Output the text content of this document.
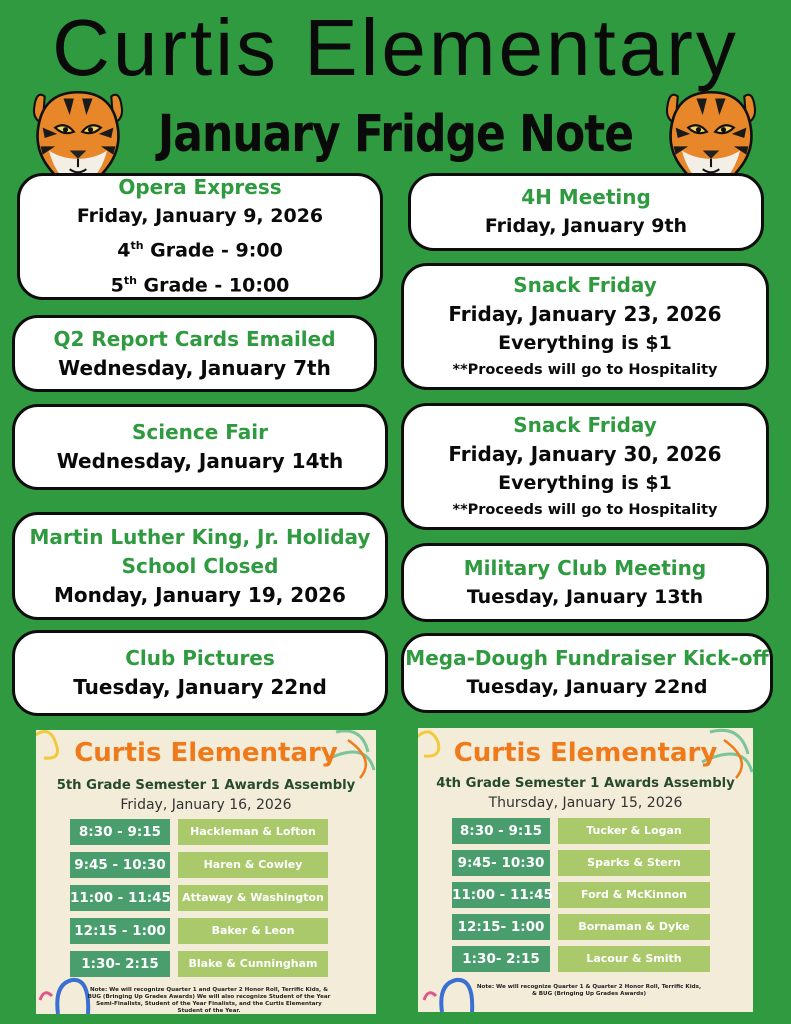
Curtis Elementary
January Fridge Note
Opera Express
Friday, January 9, 2026
4th Grade - 9:00
5th Grade - 10:00
Q2 Report Cards Emailed
Wednesday, January 7th
Science Fair
Wednesday, January 14th
Martin Luther King, Jr. Holiday
School Closed
Monday, January 19, 2026
Club Pictures
Tuesday, January 22nd
4H Meeting
Friday, January 9th
Snack Friday
Friday, January 23, 2026
Everything is $1
**Proceeds will go to Hospitality
Snack Friday
Friday, January 30, 2026
Everything is $1
**Proceeds will go to Hospitality
Military Club Meeting
Tuesday, January 13th
Mega-Dough Fundraiser Kick-off
Tuesday, January 22nd
Curtis Elementary
5th Grade Semester 1 Awards Assembly
Friday, January 16, 2026
8:30 - 9:15	Hackleman & Lofton
9:45 - 10:30	Haren & Cowley
11:00 - 11:45	Attaway & Washington
12:15 - 1:00	Baker & Leon
1:30- 2:15	Blake & Cunningham
Note: We will recognize Quarter 1 and Quarter 2 Honor Roll, Terrific Kids, & BUG (Bringing Up Grades Awards) We will also recognize Student of the Year Semi-Finalists, Student of the Year Finalists, and the Curtis Elementary Student of the Year.
Curtis Elementary
4th Grade Semester 1 Awards Assembly
Thursday, January 15, 2026
8:30 - 9:15	Tucker & Logan
9:45- 10:30	Sparks & Stern
11:00 - 11:45	Ford & McKinnon
12:15- 1:00	Bornaman & Dyke
1:30- 2:15	Lacour & Smith
Note: We will recognize Quarter 1 & Quarter 2 Honor Roll, Terrific Kids, & BUG (Bringing Up Grades Awards)
